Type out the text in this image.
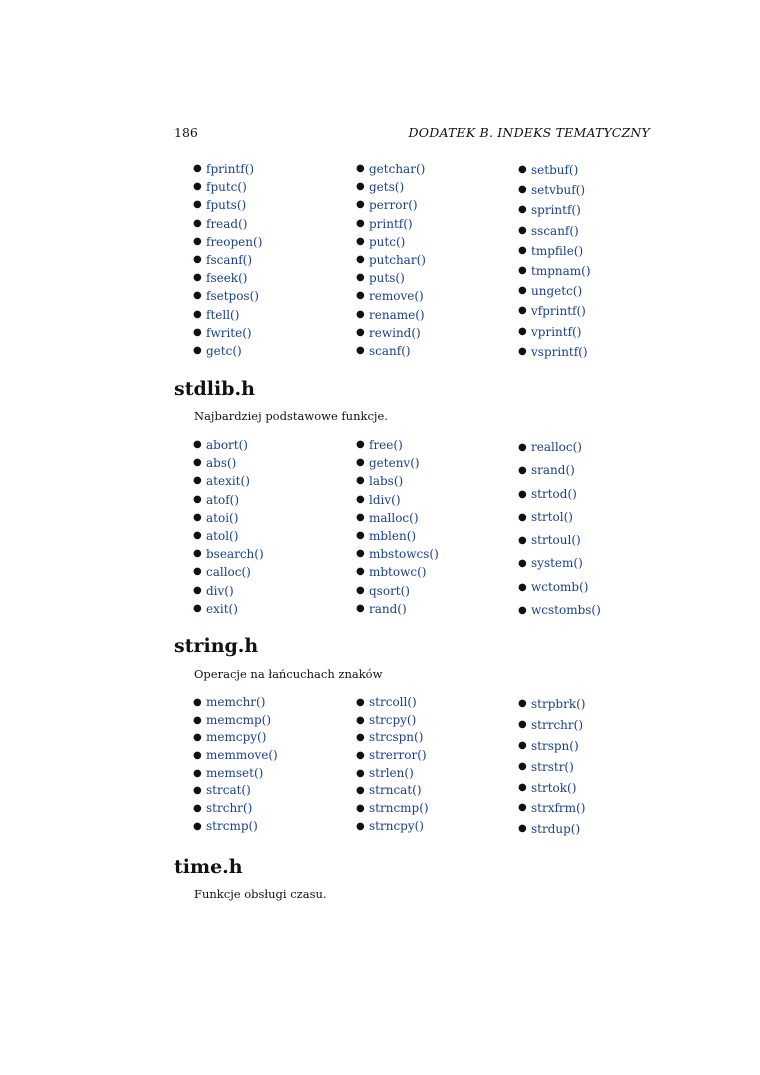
186	DODATEK B. INDEKS TEMATYCZNY
● fprintf()
● fputc()
● fputs()
● fread()
● freopen()
● fscanf()
● fseek()
● fsetpos()
● ftell()
● fwrite()
● getc()
● getchar()
● gets()
● perror()
● printf()
● putc()
● putchar()
● puts()
● remove()
● rename()
● rewind()
● scanf()
● setbuf()
● setvbuf()
● sprintf()
● sscanf()
● tmpfile()
● tmpnam()
● ungetc()
● vfprintf()
● vprintf()
● vsprintf()
stdlib.h
Najbardziej podstawowe funkcje.
● abort()
● abs()
● atexit()
● atof()
● atoi()
● atol()
● bsearch()
● calloc()
● div()
● exit()
● free()
● getenv()
● labs()
● ldiv()
● malloc()
● mblen()
● mbstowcs()
● mbtowc()
● qsort()
● rand()
● realloc()
● srand()
● strtod()
● strtol()
● strtoul()
● system()
● wctomb()
● wcstombs()
string.h
Operacje na łańcuchach znaków
● memchr()
● memcmp()
● memcpy()
● memmove()
● memset()
● strcat()
● strchr()
● strcmp()
● strcoll()
● strcpy()
● strcspn()
● strerror()
● strlen()
● strncat()
● strncmp()
● strncpy()
● strpbrk()
● strrchr()
● strspn()
● strstr()
● strtok()
● strxfrm()
● strdup()
time.h
Funkcje obsługi czasu.
